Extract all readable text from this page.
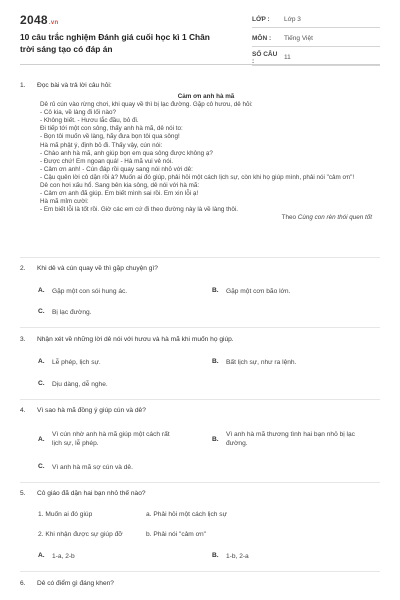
2048.vn
10 câu trắc nghiệm Đánh giá cuối học kì 1 Chân trời sáng tạo có đáp án
LỚP :	Lớp 3
MÔN :	Tiếng Việt
SỐ CÂU :	11
1. Đọc bài và trả lời câu hỏi:
Cảm ơn anh hà mã
Dê rủ cún vào rừng chơi, khi quay về thì bị lạc đường. Gặp cô hươu, dê hỏi:
- Cô kia, về làng đi lối nào?
- Không biết. - Hươu lắc đầu, bỏ đi.
Đi tiếp tới một con sông, thấy anh hà mã, dê nói to:
- Bọn tôi muốn về làng, hãy đưa bọn tôi qua sông!
Hà mã phật ý, định bỏ đi. Thấy vậy, cún nói:
- Chào anh hà mã, anh giúp bọn em qua sông được không ạ?
- Được chứ! Em ngoan quá! - Hà mã vui vẻ nói.
- Cảm ơn anh! - Cún đáp rồi quay sang nói nhỏ với dê:
- Cậu quên lời cô dặn rồi à? Muốn ai đó giúp, phải hỏi một cách lịch sự, còn khi họ giúp mình, phải nói "cảm ơn"!
Dê con hơi xấu hổ. Sang bên kia sông, dê nói với hà mã:
- Cảm ơn anh đã giúp. Em biết mình sai rồi. Em xin lỗi ạ!
Hà mã mỉm cười:
- Em biết lỗi là tốt rồi. Giờ các em cứ đi theo đường này là về làng thôi.
Theo Cùng con rèn thói quen tốt
2. Khi dê và cún quay về thì gặp chuyện gì?
A.	Gặp một con sói hung ác.	B.	Gặp một cơn bão lớn.
C.	Bị lạc đường.
3. Nhận xét về những lời dê nói với hươu và hà mã khi muốn họ giúp.
A.	Lễ phép, lịch sự.	B.	Bất lịch sự, như ra lệnh.
C.	Dịu dàng, dễ nghe.
4. Vì sao hà mã đồng ý giúp cún và dê?
A.
Vì cún nhờ anh hà mã giúp một cách rất lịch sự, lễ phép.
B.
Vì anh hà mã thương tình hai bạn nhỏ bị lạc đường.
C.	Vì anh hà mã sợ cún và dê.
5. Cô giáo đã dặn hai bạn nhỏ thế nào?
1. Muốn ai đó giúp	a. Phải hỏi một cách lịch sự
2. Khi nhận được sự giúp đỡ	b. Phải nói "cảm ơn"
A.	1-a, 2-b	B.	1-b, 2-a
6. Dê có điểm gì đáng khen?
